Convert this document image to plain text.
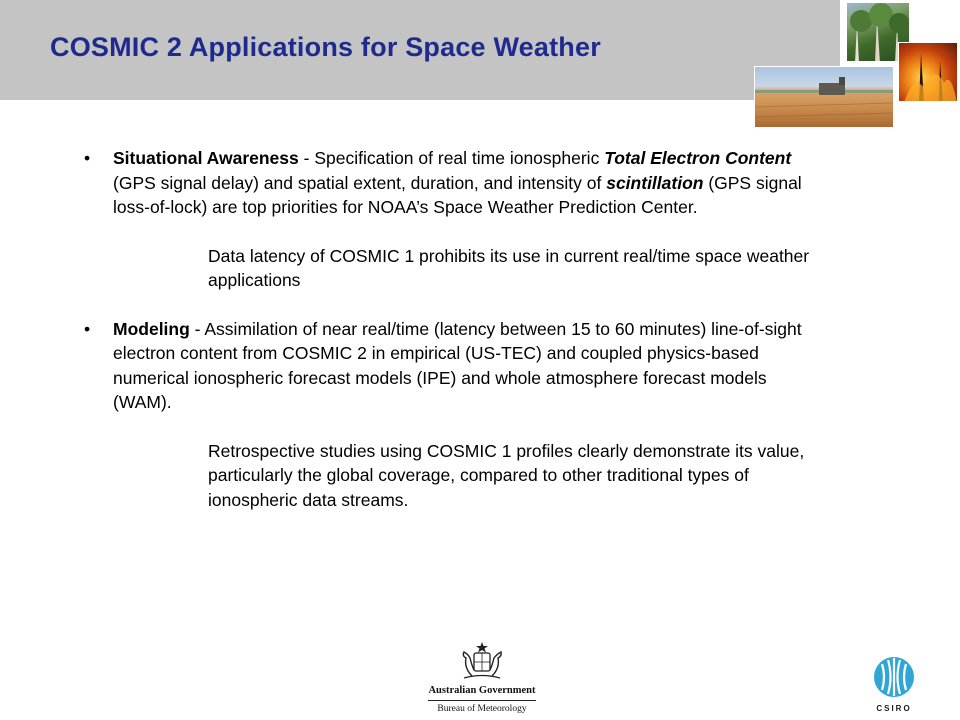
COSMIC 2 Applications for Space Weather
• Situational Awareness - Specification of real time ionospheric Total Electron Content (GPS signal delay) and spatial extent, duration, and intensity of scintillation (GPS signal loss-of-lock) are top priorities for NOAA’s Space Weather Prediction Center.
Data latency of COSMIC 1 prohibits its use in current real/time space weather applications
• Modeling - Assimilation of near real/time (latency between 15 to 60 minutes) line-of-sight electron content from COSMIC 2 in empirical (US-TEC) and coupled physics-based numerical ionospheric forecast models (IPE) and whole atmosphere forecast models (WAM).
Retrospective studies using COSMIC 1 profiles clearly demonstrate its value, particularly the global coverage, compared to other traditional types of ionospheric data streams.
Australian Government
Bureau of Meteorology	CSIRO
